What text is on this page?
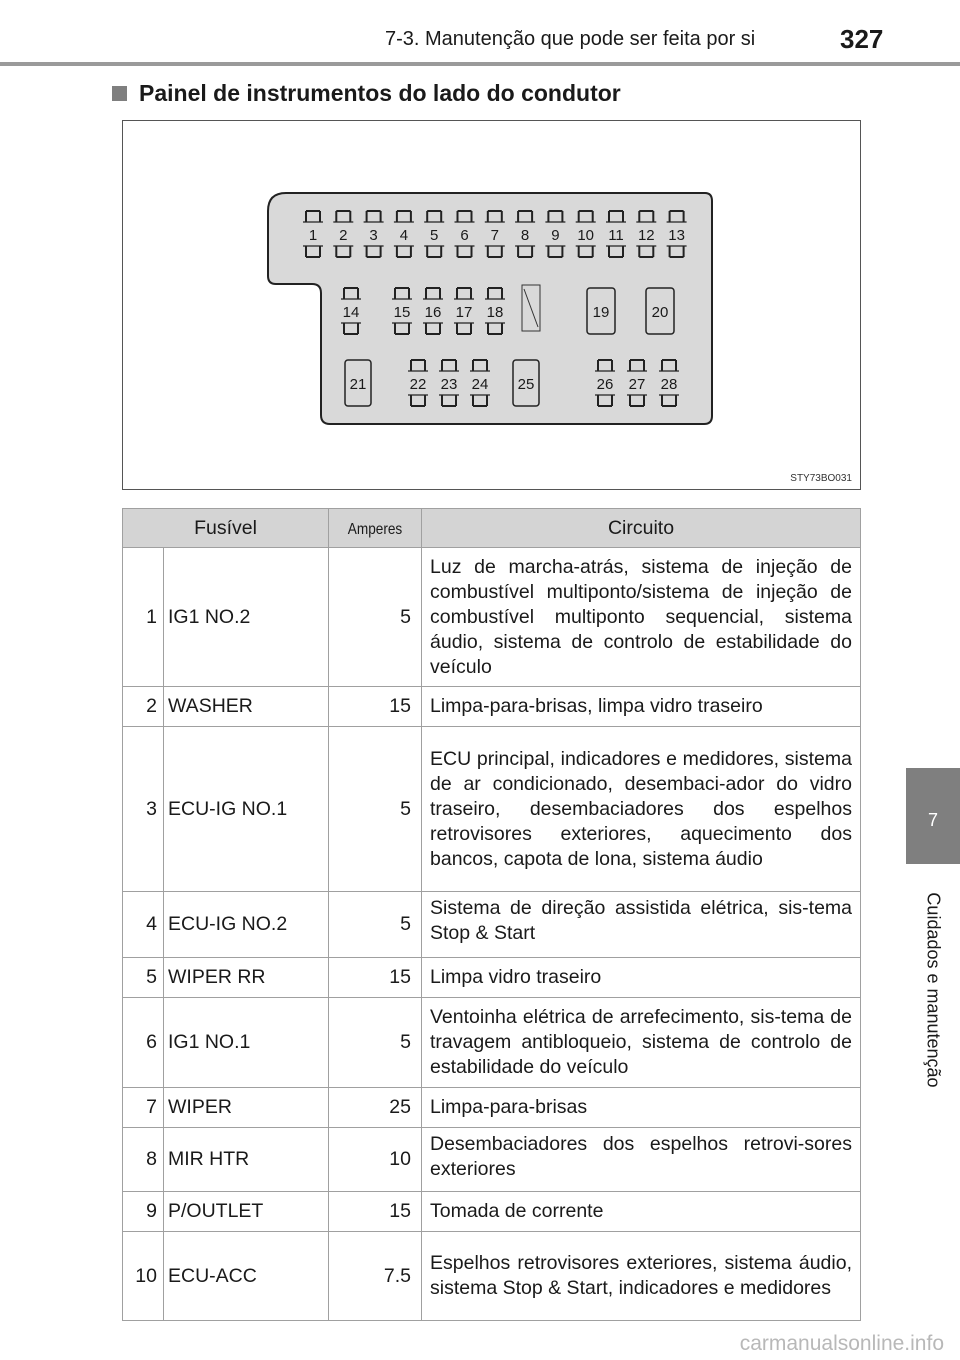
7-3. Manutenção que pode ser feita por si	327
Painel de instrumentos do lado do condutor
1 2 3 4 5 6 7 8 9 10 11 12 13
14 15 16 17 18	19	20
21	22 23 24 25	26 27 28
STY73BO031
Fusível		Amperes	Circuito
1	IG1 NO.2	5	Luz de marcha-atrás, sistema de injeção de combustível multiponto/sistema de injeção de combustível multiponto sequencial, sistema áudio, sistema de controlo de estabilidade do veículo
2	WASHER	15	Limpa-para-brisas, limpa vidro traseiro
3	ECU-IG NO.1	5	ECU principal, indicadores e medidores, sistema de ar condicionado, desembaci-ador do vidro traseiro, desembaciadores dos espelhos retrovisores exteriores, aquecimento dos bancos, capota de lona, sistema áudio
4	ECU-IG NO.2	5	Sistema de direção assistida elétrica, sis-tema Stop & Start
5	WIPER RR	15	Limpa vidro traseiro
6	IG1 NO.1	5	Ventoinha elétrica de arrefecimento, sis-tema de travagem antibloqueio, sistema de controlo de estabilidade do veículo
7	WIPER	25	Limpa-para-brisas
8	MIR HTR	10	Desembaciadores dos espelhos retrovi-sores exteriores
9	P/OUTLET	15	Tomada de corrente
10	ECU-ACC	7.5	Espelhos retrovisores exteriores, sistema áudio, sistema Stop & Start, indicadores e medidores
7
Cuidados e manutenção
carmanualsonline.info
